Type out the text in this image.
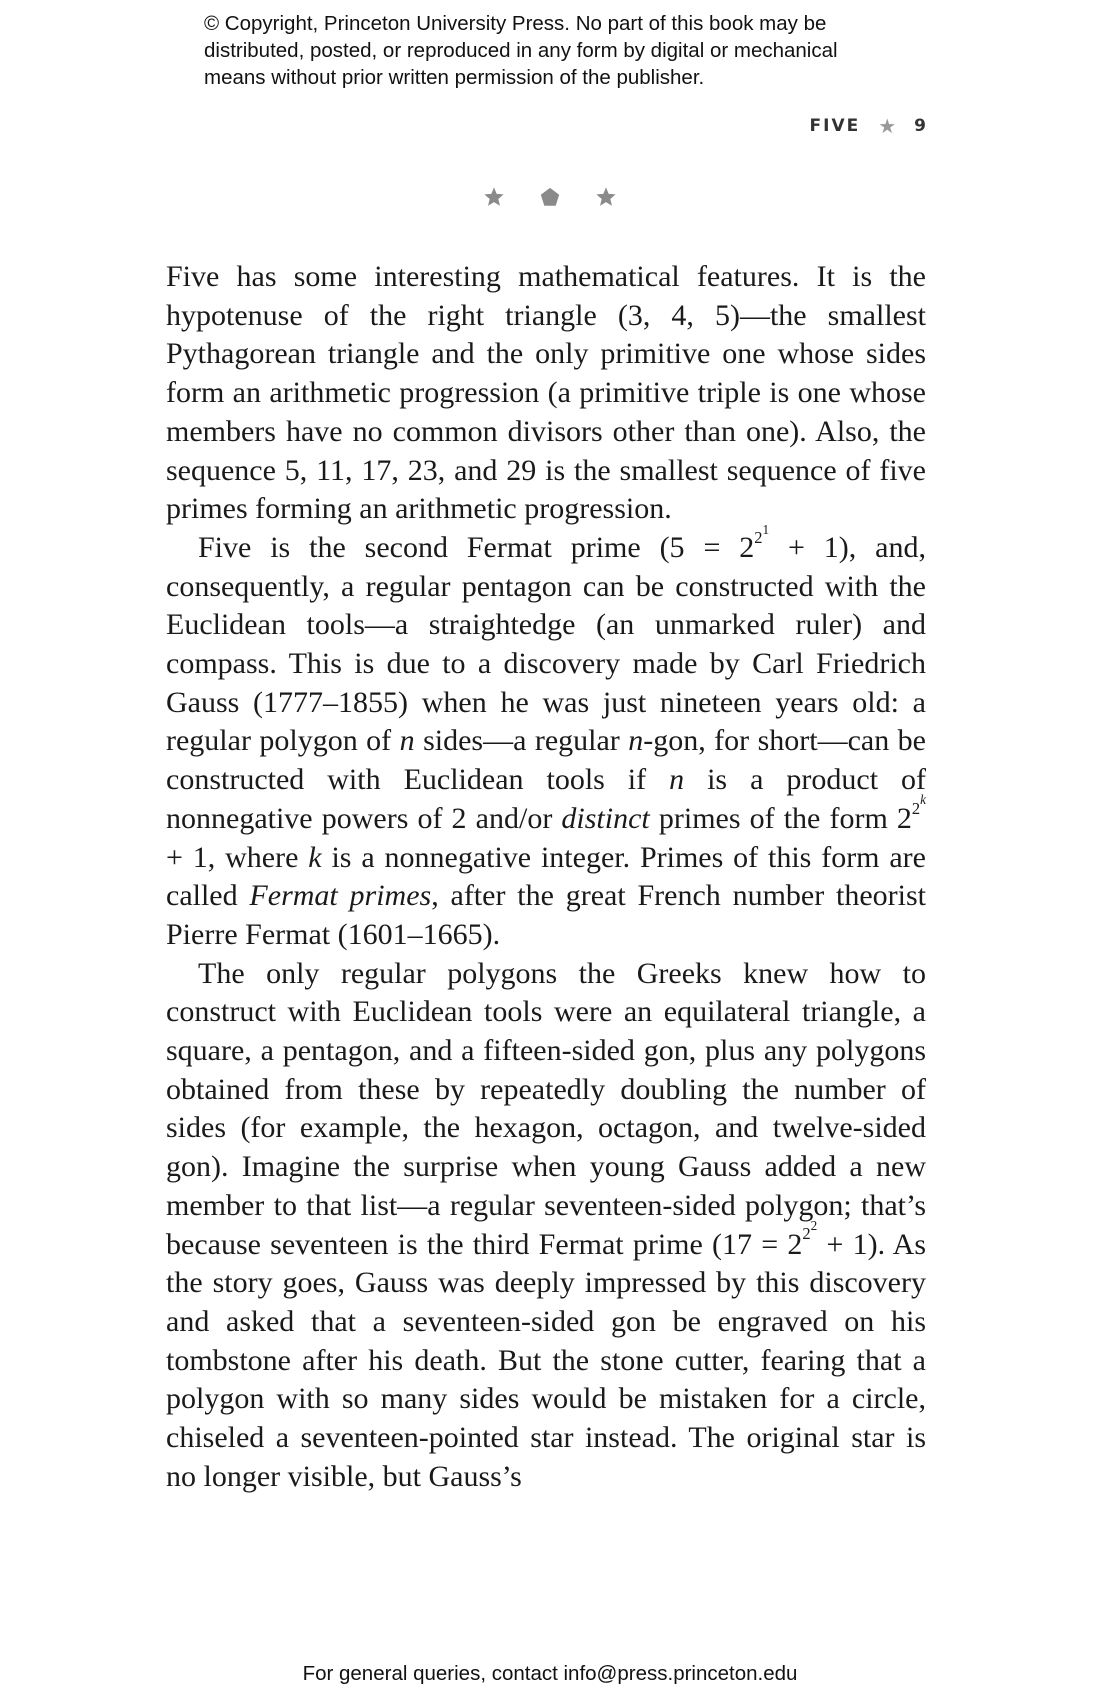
© Copyright, Princeton University Press. No part of this book may be

distributed, posted, or reproduced in any form by digital or mechanical

means without prior written permission of the publisher.

FIVE ★ 9

Five has some interesting mathematical features. It is the hypotenuse of the right triangle (3, 4, 5)—the smallest Pythagorean triangle and the only primitive one whose sides form an arithmetic progression (a primitive triple is one whose members have no common divisors other than one). Also, the sequence 5, 11, 17, 23, and 29 is the smallest sequence of five primes forming an arithmetic progression.

Five is the second Fermat prime $(5 = 2^{2^1} + 1)$, and, consequently, a regular pentagon can be constructed with the Euclidean tools—a straightedge (an unmarked ruler) and compass. This is due to a discovery made by Carl Friedrich Gauss (1777–1855) when he was just nineteen years old: a regular polygon of n sides—a regular n-gon, for short—can be constructed with Euclidean tools if n is a product of nonnegative powers of 2 and/or distinct primes of the form $2^{2^k} + 1$, where k is a nonnegative integer. Primes of this form are called Fermat primes, after the great French number theorist Pierre Fermat (1601–1665).

The only regular polygons the Greeks knew how to construct with Euclidean tools were an equilateral triangle, a square, a pentagon, and a fifteen-sided gon, plus any polygons obtained from these by repeatedly doubling the number of sides (for example, the hexagon, octagon, and twelve-sided gon). Imagine the surprise when young Gauss added a new member to that list—a regular seventeen-sided polygon; that’s because seventeen is the third Fermat prime $(17 = 2^{2^2} + 1)$. As the story goes, Gauss was deeply impressed by this discovery and asked that a seventeen-sided gon be engraved on his tombstone after his death. But the stone cutter, fearing that a polygon with so many sides would be mistaken for a circle, chiseled a seventeen-pointed star instead. The original star is no longer visible, but Gauss’s

For general queries, contact info@press.princeton.edu
